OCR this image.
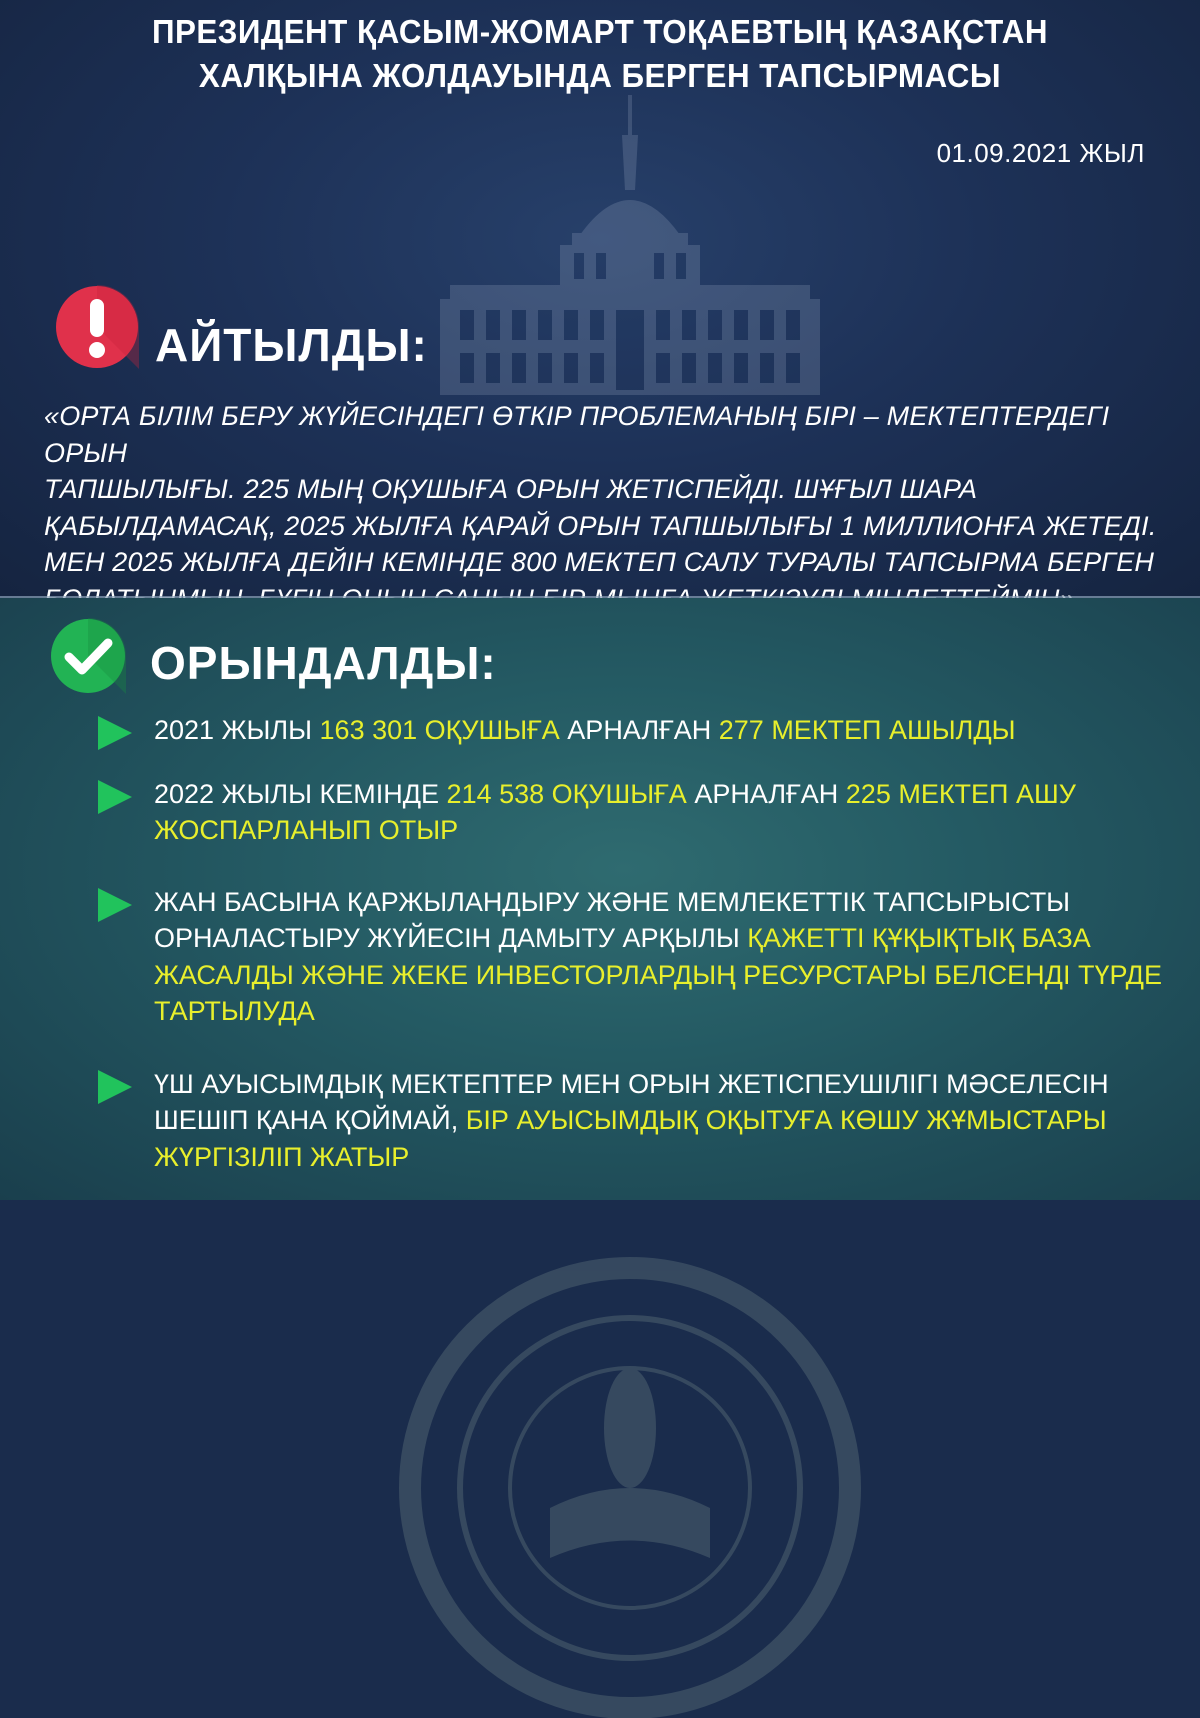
ПРЕЗИДЕНТ ҚАСЫМ-ЖОМАРТ ТОҚАЕВТЫҢ ҚАЗАҚСТАН
ХАЛҚЫНА ЖОЛДАУЫНДА БЕРГЕН ТАПСЫРМАСЫ
01.09.2021 ЖЫЛ
АЙТЫЛДЫ:
«ОРТА БІЛІМ БЕРУ ЖҮЙЕСІНДЕГІ ӨТКІР ПРОБЛЕМАНЫҢ БІРІ – МЕКТЕПТЕРДЕГІ ОРЫН
ТАПШЫЛЫҒЫ. 225 МЫҢ ОҚУШЫҒА ОРЫН ЖЕТІСПЕЙДІ. ШҰҒЫЛ ШАРА
ҚАБЫЛДАМАСАҚ, 2025 ЖЫЛҒА ҚАРАЙ ОРЫН ТАПШЫЛЫҒЫ 1 МИЛЛИОНҒА ЖЕТЕДІ.
МЕН 2025 ЖЫЛҒА ДЕЙІН КЕМІНДЕ 800 МЕКТЕП САЛУ ТУРАЛЫ ТАПСЫРМА БЕРГЕН
ОРЫНДАЛДЫ:
2021 ЖЫЛЫ 163 301 ОҚУШЫҒА АРНАЛҒАН 277 МЕКТЕП АШЫЛДЫ
2022 ЖЫЛЫ КЕМІНДЕ 214 538 ОҚУШЫҒА АРНАЛҒАН 225 МЕКТЕП АШУ ЖОСПАРЛАНЫП ОТЫР
ЖАН БАСЫНА ҚАРЖЫЛАНДЫРУ ЖӘНЕ МЕМЛЕКЕТТІК ТАПСЫРЫСТЫ ОРНАЛАСТЫРУ ЖҮЙЕСІН ДАМЫТУ АРҚЫЛЫ ҚАЖЕТТІ ҚҰҚЫҚТЫҚ БАЗА ЖАСАЛДЫ ЖӘНЕ ЖЕКЕ ИНВЕСТОРЛАРДЫҢ РЕСУРСТАРЫ БЕЛСЕНДІ ТҮРДЕ ТАРТЫЛУДА
ҮШ АУЫСЫМДЫҚ МЕКТЕПТЕР МЕН ОРЫН ЖЕТІСПЕУШІЛІГІ МӘСЕЛЕСІН ШЕШІП ҚАНА ҚОЙМАЙ, БІР АУЫСЫМДЫҚ ОҚЫТУҒА КӨШУ ЖҰМЫСТАРЫ ЖҮРГІЗІЛІП ЖАТЫР
